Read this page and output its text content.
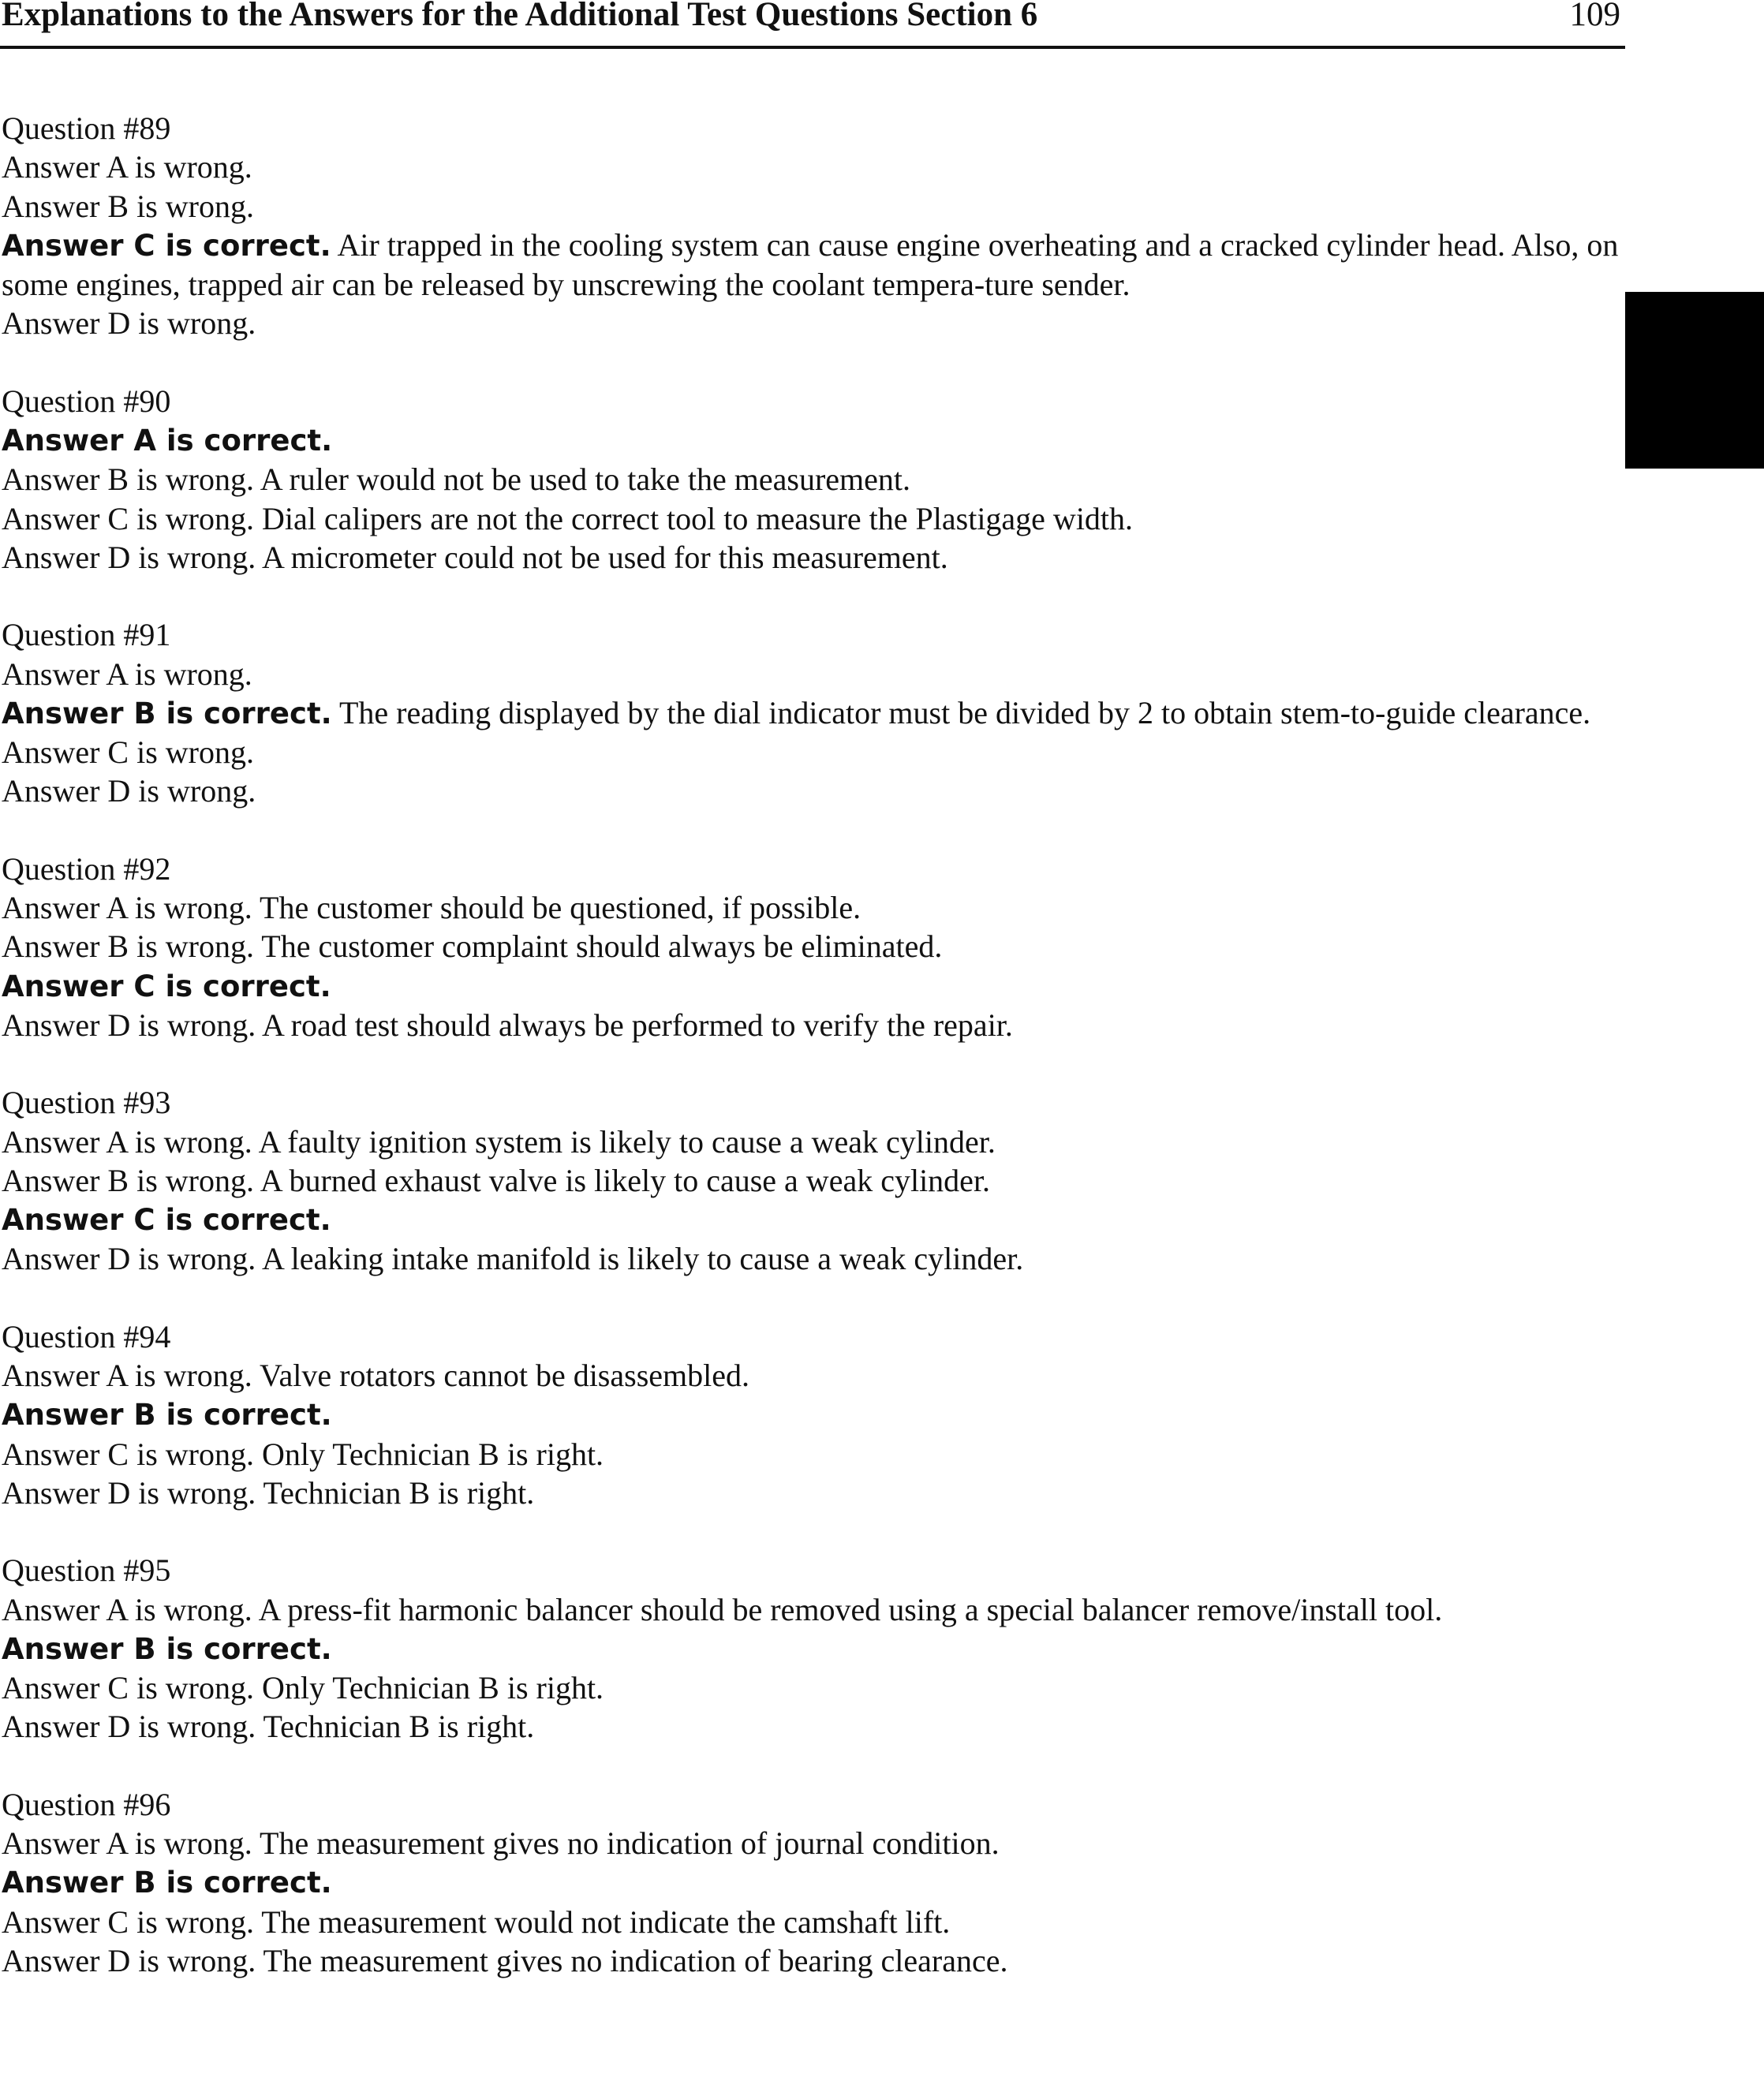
Explanations to the Answers for the Additional Test Questions Section 6	109
Question #89
Answer A is wrong.
Answer B is wrong.
Answer C is correct. Air trapped in the cooling system can cause engine overheating and a cracked cylinder head. Also, on some engines, trapped air can be released by unscrewing the coolant tempera-ture sender.
Answer D is wrong.
Question #90
Answer A is correct.
Answer B is wrong. A ruler would not be used to take the measurement.
Answer C is wrong. Dial calipers are not the correct tool to measure the Plastigage width.
Answer D is wrong. A micrometer could not be used for this measurement.
Question #91
Answer A is wrong.
Answer B is correct. The reading displayed by the dial indicator must be divided by 2 to obtain stem-to-guide clearance.
Answer C is wrong.
Answer D is wrong.
Question #92
Answer A is wrong. The customer should be questioned, if possible.
Answer B is wrong. The customer complaint should always be eliminated.
Answer C is correct.
Answer D is wrong. A road test should always be performed to verify the repair.
Question #93
Answer A is wrong. A faulty ignition system is likely to cause a weak cylinder.
Answer B is wrong. A burned exhaust valve is likely to cause a weak cylinder.
Answer C is correct.
Answer D is wrong. A leaking intake manifold is likely to cause a weak cylinder.
Question #94
Answer A is wrong. Valve rotators cannot be disassembled.
Answer B is correct.
Answer C is wrong. Only Technician B is right.
Answer D is wrong. Technician B is right.
Question #95
Answer A is wrong. A press-fit harmonic balancer should be removed using a special balancer remove/install tool.
Answer B is correct.
Answer C is wrong. Only Technician B is right.
Answer D is wrong. Technician B is right.
Question #96
Answer A is wrong. The measurement gives no indication of journal condition.
Answer B is correct.
Answer C is wrong. The measurement would not indicate the camshaft lift.
Answer D is wrong. The measurement gives no indication of bearing clearance.
